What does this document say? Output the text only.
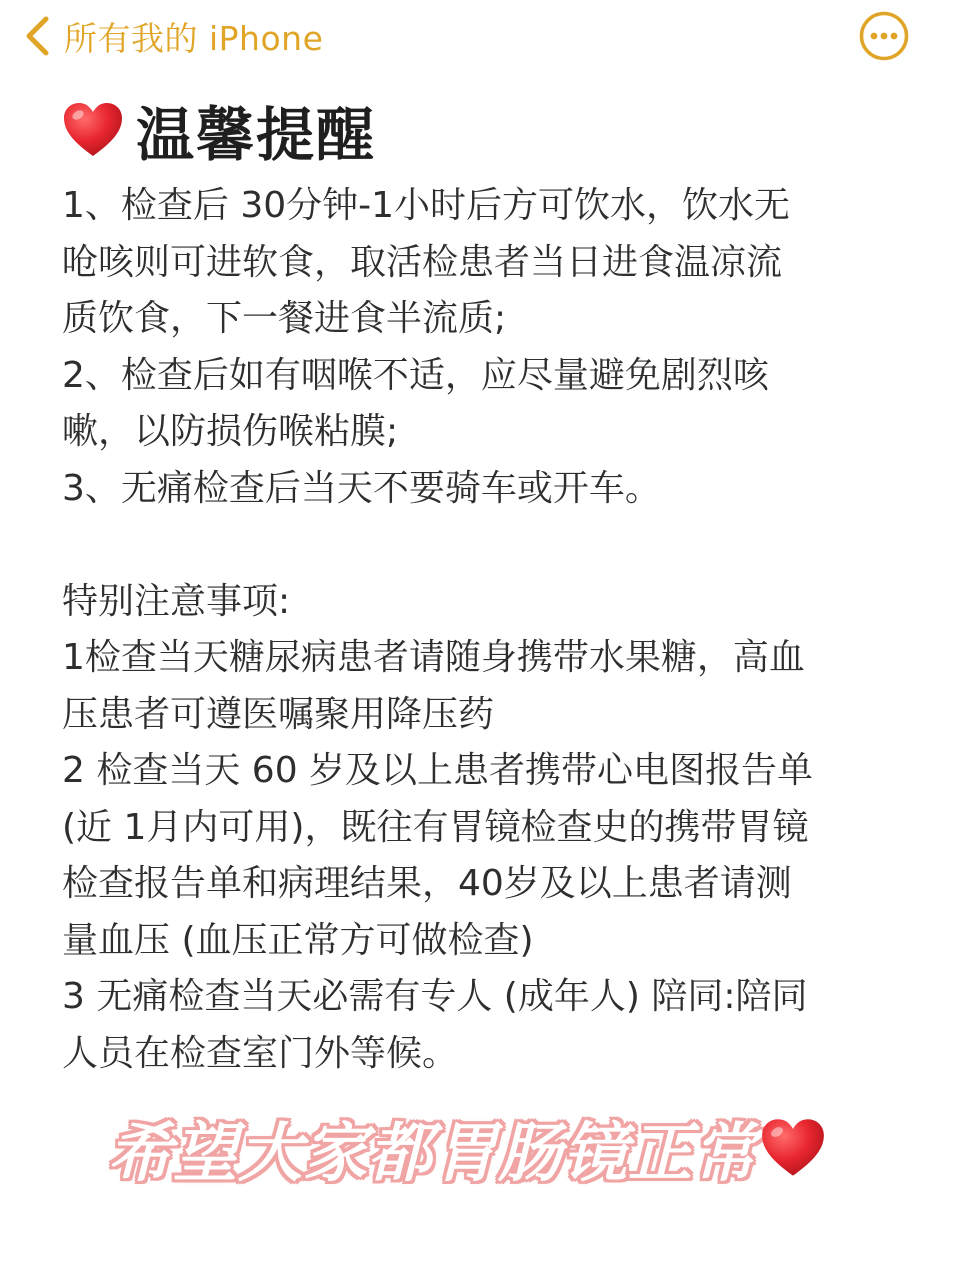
所有我的 iPhone
温馨提醒
1、检查后 30分钟-1小时后方可饮水，饮水无
呛咳则可进软食，取活检患者当日进食温凉流
质饮食，下一餐进食半流质;
2、检查后如有咽喉不适，应尽量避免剧烈咳
嗽，以防损伤喉粘膜;
3、无痛检查后当天不要骑车或开车。
特别注意事项:
1检查当天糖尿病患者请随身携带水果糖，高血
压患者可遵医嘱聚用降压药
2 检查当天 60 岁及以上患者携带心电图报告单
(近 1月内可用)，既往有胃镜检查史的携带胃镜
检查报告单和病理结果，40岁及以上患者请测
量血压 (血压正常方可做检查)
3 无痛检查当天必需有专人 (成年人) 陪同:陪同
人员在检查室门外等候。
希望大家都胃肠镜正常
